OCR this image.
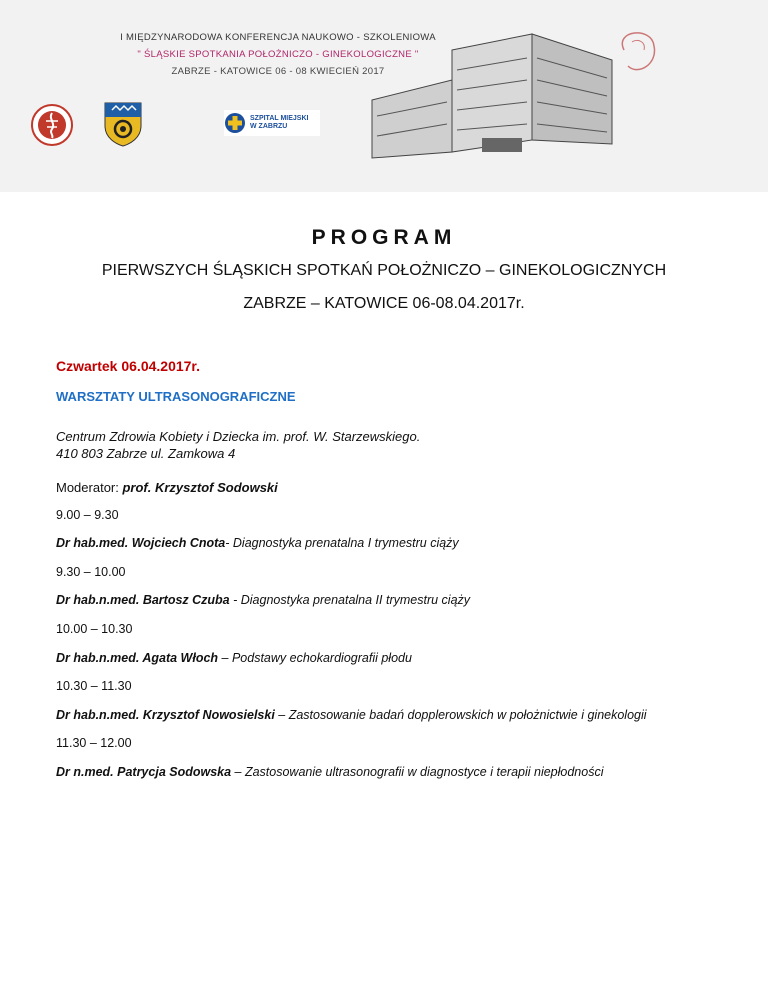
I MIĘDZYNARODOWA KONFERENCJA NAUKOWO - SZKOLENIOWA
" ŚLĄSKIE SPOTKANIA POŁOŻNICZO - GINEKOLOGICZNE "
ZABRZE - KATOWICE 06 - 08 KWIECIEŃ 2017
SZPITAL MIEJSKI
W ZABRZU
PROGRAM
PIERWSZYCH ŚLĄSKICH SPOTKAŃ POŁOŻNICZO – GINEKOLOGICZNYCH
ZABRZE – KATOWICE 06-08.04.2017r.
Czwartek 06.04.2017r.
WARSZTATY ULTRASONOGRAFICZNE
Centrum Zdrowia Kobiety i Dziecka im. prof. W. Starzewskiego.
410 803 Zabrze ul. Zamkowa 4
Moderator: prof. Krzysztof Sodowski
9.00 – 9.30
Dr hab.med. Wojciech Cnota- Diagnostyka prenatalna I trymestru ciąży
9.30 – 10.00
Dr hab.n.med. Bartosz Czuba - Diagnostyka prenatalna II trymestru ciąży
10.00 – 10.30
Dr hab.n.med. Agata Włoch – Podstawy echokardiografii płodu
10.30 – 11.30
Dr hab.n.med. Krzysztof Nowosielski – Zastosowanie badań dopplerowskich w położnictwie i ginekologii
11.30 – 12.00
Dr n.med. Patrycja Sodowska – Zastosowanie ultrasonografii w diagnostyce i terapii niepłodności
